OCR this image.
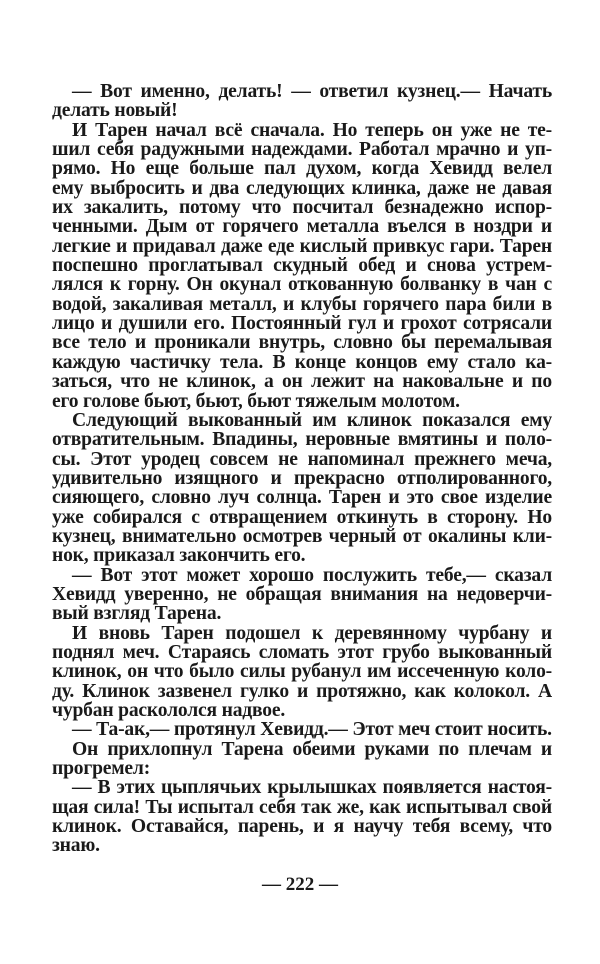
— Вот именно, делать! — ответил кузнец.— Начать
делать новый!
И Тарен начал всё сначала. Но теперь он уже не те-
шил себя радужными надеждами. Работал мрачно и уп-
рямо. Но еще больше пал духом, когда Хевидд велел
ему выбросить и два следующих клинка, даже не давая
их закалить, потому что посчитал безнадежно испор-
ченными. Дым от горячего металла въелся в ноздри и
легкие и придавал даже еде кислый привкус гари. Тарен
поспешно проглатывал скудный обед и снова устрем-
лялся к горну. Он окунал откованную болванку в чан с
водой, закаливая металл, и клубы горячего пара били в
лицо и душили его. Постоянный гул и грохот сотрясали
все тело и проникали внутрь, словно бы перемалывая
каждую частичку тела. В конце концов ему стало ка-
заться, что не клинок, а он лежит на наковальне и по
его голове бьют, бьют, бьют тяжелым молотом.
Следующий выкованный им клинок показался ему
отвратительным. Впадины, неровные вмятины и поло-
сы. Этот уродец совсем не напоминал прежнего меча,
удивительно изящного и прекрасно отполированного,
сияющего, словно луч солнца. Тарен и это свое изделие
уже собирался с отвращением откинуть в сторону. Но
кузнец, внимательно осмотрев черный от окалины кли-
нок, приказал закончить его.
— Вот этот может хорошо послужить тебе,— сказал
Хевидд уверенно, не обращая внимания на недоверчи-
вый взгляд Тарена.
И вновь Тарен подошел к деревянному чурбану и
поднял меч. Стараясь сломать этот грубо выкованный
клинок, он что было силы рубанул им иссеченную коло-
ду. Клинок зазвенел гулко и протяжно, как колокол. А
чурбан раскололся надвое.
— Та-ак,— протянул Хевидд.— Этот меч стоит носить.
Он прихлопнул Тарена обеими руками по плечам и
прогремел:
— В этих цыплячьих крылышках появляется настоя-
щая сила! Ты испытал себя так же, как испытывал свой
клинок. Оставайся, парень, и я научу тебя всему, что
знаю.
— 222 —
